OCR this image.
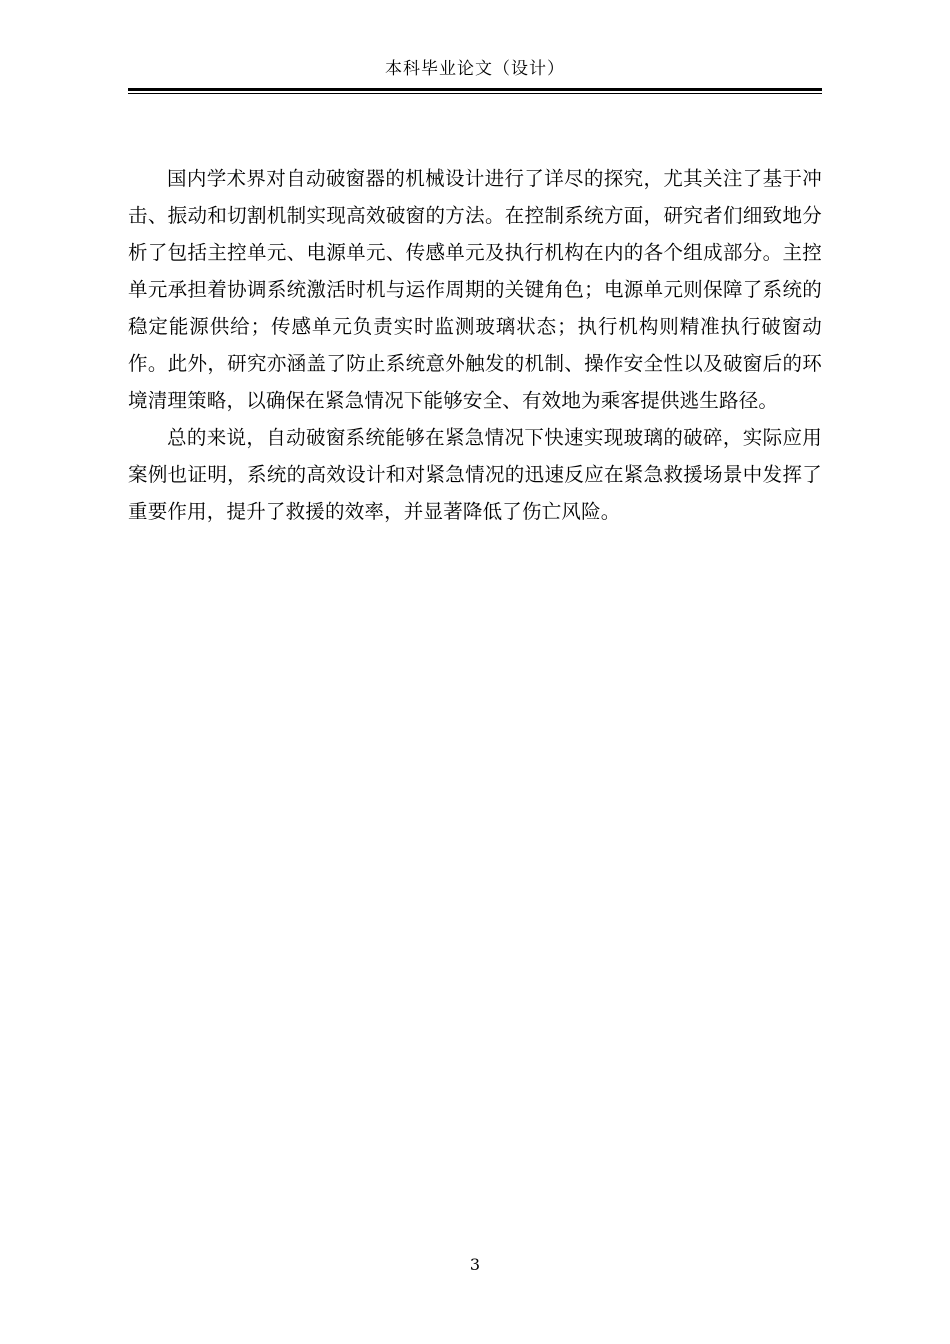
本科毕业论文（设计）

国内学术界对自动破窗器的机械设计进行了详尽的探究，尤其关注了基于冲击、振动和切割机制实现高效破窗的方法。在控制系统方面，研究者们细致地分析了包括主控单元、电源单元、传感单元及执行机构在内的各个组成部分。主控单元承担着协调系统激活时机与运作周期的关键角色；电源单元则保障了系统的稳定能源供给；传感单元负责实时监测玻璃状态；执行机构则精准执行破窗动作。此外，研究亦涵盖了防止系统意外触发的机制、操作安全性以及破窗后的环境清理策略，以确保在紧急情况下能够安全、有效地为乘客提供逃生路径。

总的来说，自动破窗系统能够在紧急情况下快速实现玻璃的破碎，实际应用案例也证明，系统的高效设计和对紧急情况的迅速反应在紧急救援场景中发挥了重要作用，提升了救援的效率，并显著降低了伤亡风险。

3
